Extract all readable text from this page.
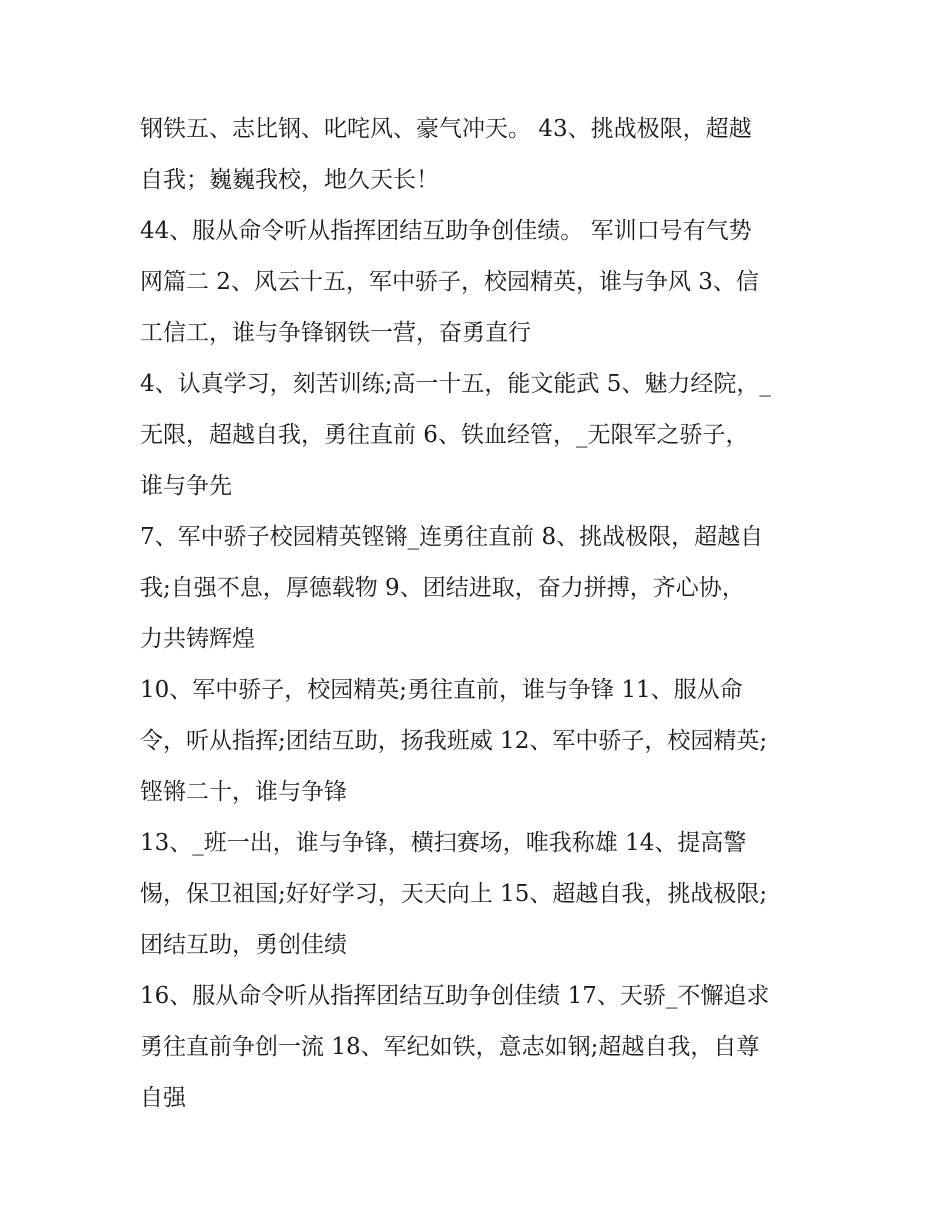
钢铁五、志比钢、叱咤风、豪气冲天。 43、挑战极限，超越
自我；巍巍我校，地久天长！
44、服从命令听从指挥团结互助争创佳绩。 军训口号有气势
网篇二 2、风云十五，军中骄子，校园精英，谁与争风 3、信
工信工，谁与争锋钢铁一营，奋勇直行
4、认真学习，刻苦训练;高一十五，能文能武 5、魅力经院，_
无限，超越自我，勇往直前 6、铁血经管，_无限军之骄子，
谁与争先
7、军中骄子校园精英铿锵_连勇往直前 8、挑战极限，超越自
我;自强不息，厚德载物 9、团结进取，奋力拼搏，齐心协，
力共铸辉煌
10、军中骄子，校园精英;勇往直前，谁与争锋 11、服从命
令，听从指挥;团结互助，扬我班威 12、军中骄子，校园精英;
铿锵二十，谁与争锋
13、_班一出，谁与争锋，横扫赛场，唯我称雄 14、提高警
惕，保卫祖国;好好学习，天天向上 15、超越自我，挑战极限;
团结互助，勇创佳绩
16、服从命令听从指挥团结互助争创佳绩 17、天骄_不懈追求
勇往直前争创一流 18、军纪如铁，意志如钢;超越自我，自尊
自强
